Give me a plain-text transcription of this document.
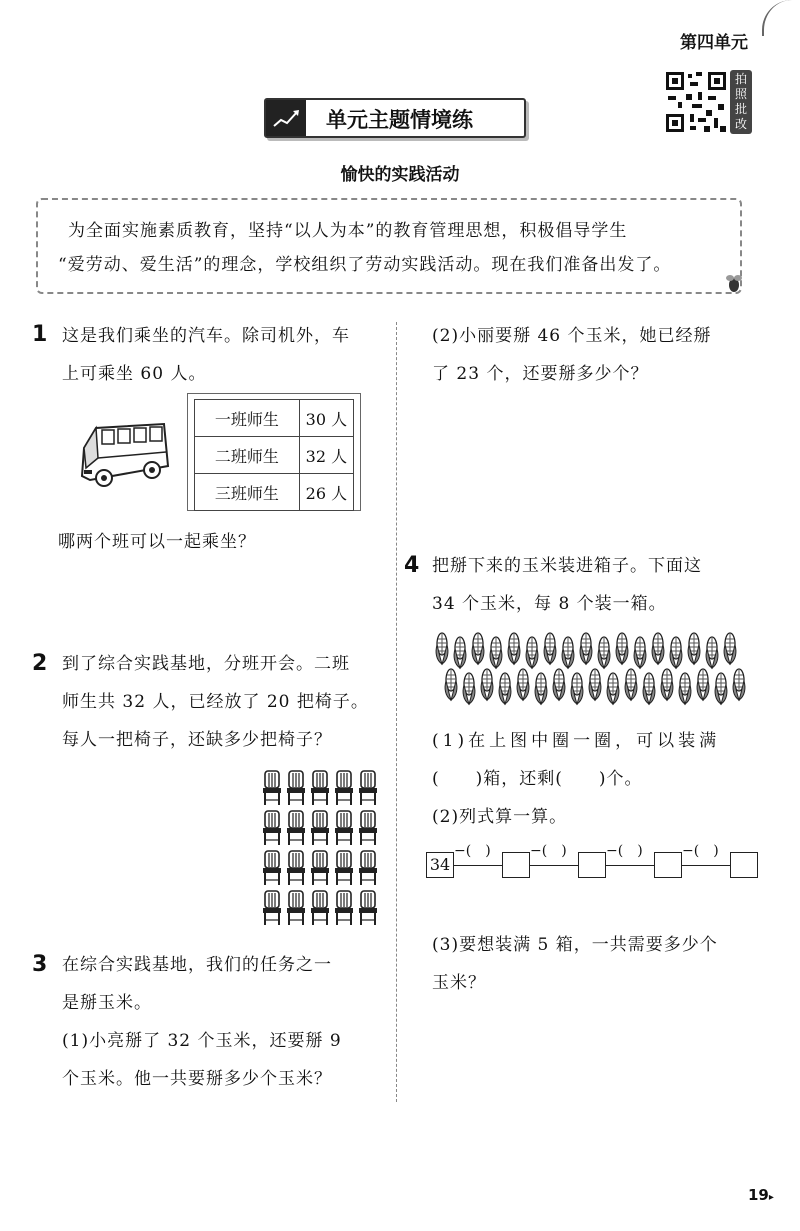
第四单元
拍照批改
单元主题情境练
愉快的实践活动
为全面实施素质教育，坚持“以人为本”的教育管理思想，积极倡导学生
“爱劳动、爱生活”的理念，学校组织了劳动实践活动。现在我们准备出发了。
1 这是我们乘坐的汽车。除司机外，车
上可乘坐 60 人。
一班师生	30 人
二班师生	32 人
三班师生	26 人
哪两个班可以一起乘坐？
2 到了综合实践基地，分班开会。二班
师生共 32 人，已经放了 20 把椅子。
每人一把椅子，还缺多少把椅子？
3 在综合实践基地，我们的任务之一
是掰玉米。
(1)小亮掰了 32 个玉米，还要掰 9
个玉米。他一共要掰多少个玉米？
(2)小丽要掰 46 个玉米，她已经掰
了 23 个，还要掰多少个？
4 把掰下来的玉米装进箱子。下面这
34 个玉米，每 8 个装一箱。
(1)在上图中圈一圈，可以装满
(　　)箱，还剩(　　)个。
(2)列式算一算。
34
−(　)	−(　)	−(　)	−(　)
(3)要想装满 5 箱，一共需要多少个
玉米？
19▸
